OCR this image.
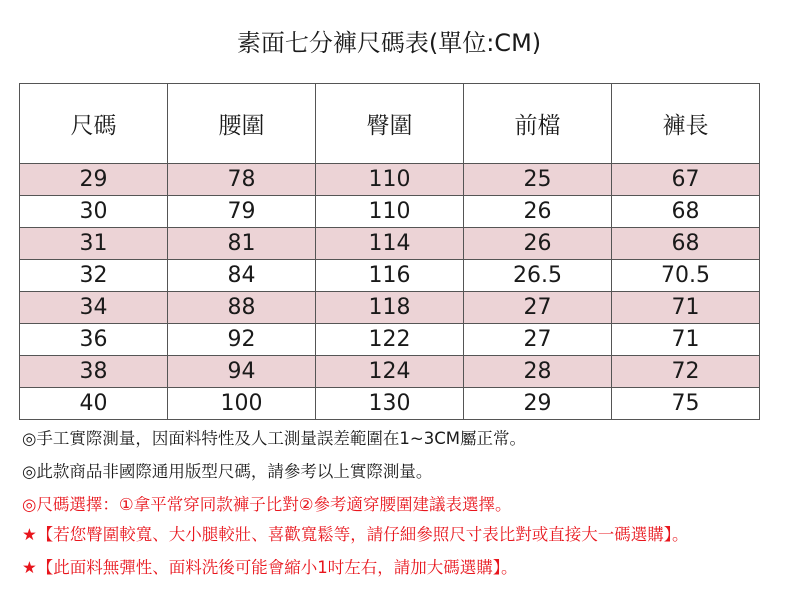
素面七分褲尺碼表(單位:CM)
尺碼	腰圍	臀圍	前檔	褲長
29	78	110	25	67
30	79	110	26	68
31	81	114	26	68
32	84	116	26.5	70.5
34	88	118	27	71
36	92	122	27	71
38	94	124	28	72
40	100	130	29	75

◎手工實際測量，因面料特性及人工測量誤差範圍在1~3CM屬正常。

◎此款商品非國際通用版型尺碼，請參考以上實際測量。

◎尺碼選擇：①拿平常穿同款褲子比對②參考適穿腰圍建議表選擇。

★【若您臀圍較寬、大小腿較壯、喜歡寬鬆等，請仔細參照尺寸表比對或直接大一碼選購】。

★【此面料無彈性、面料洗後可能會縮小1吋左右，請加大碼選購】。
